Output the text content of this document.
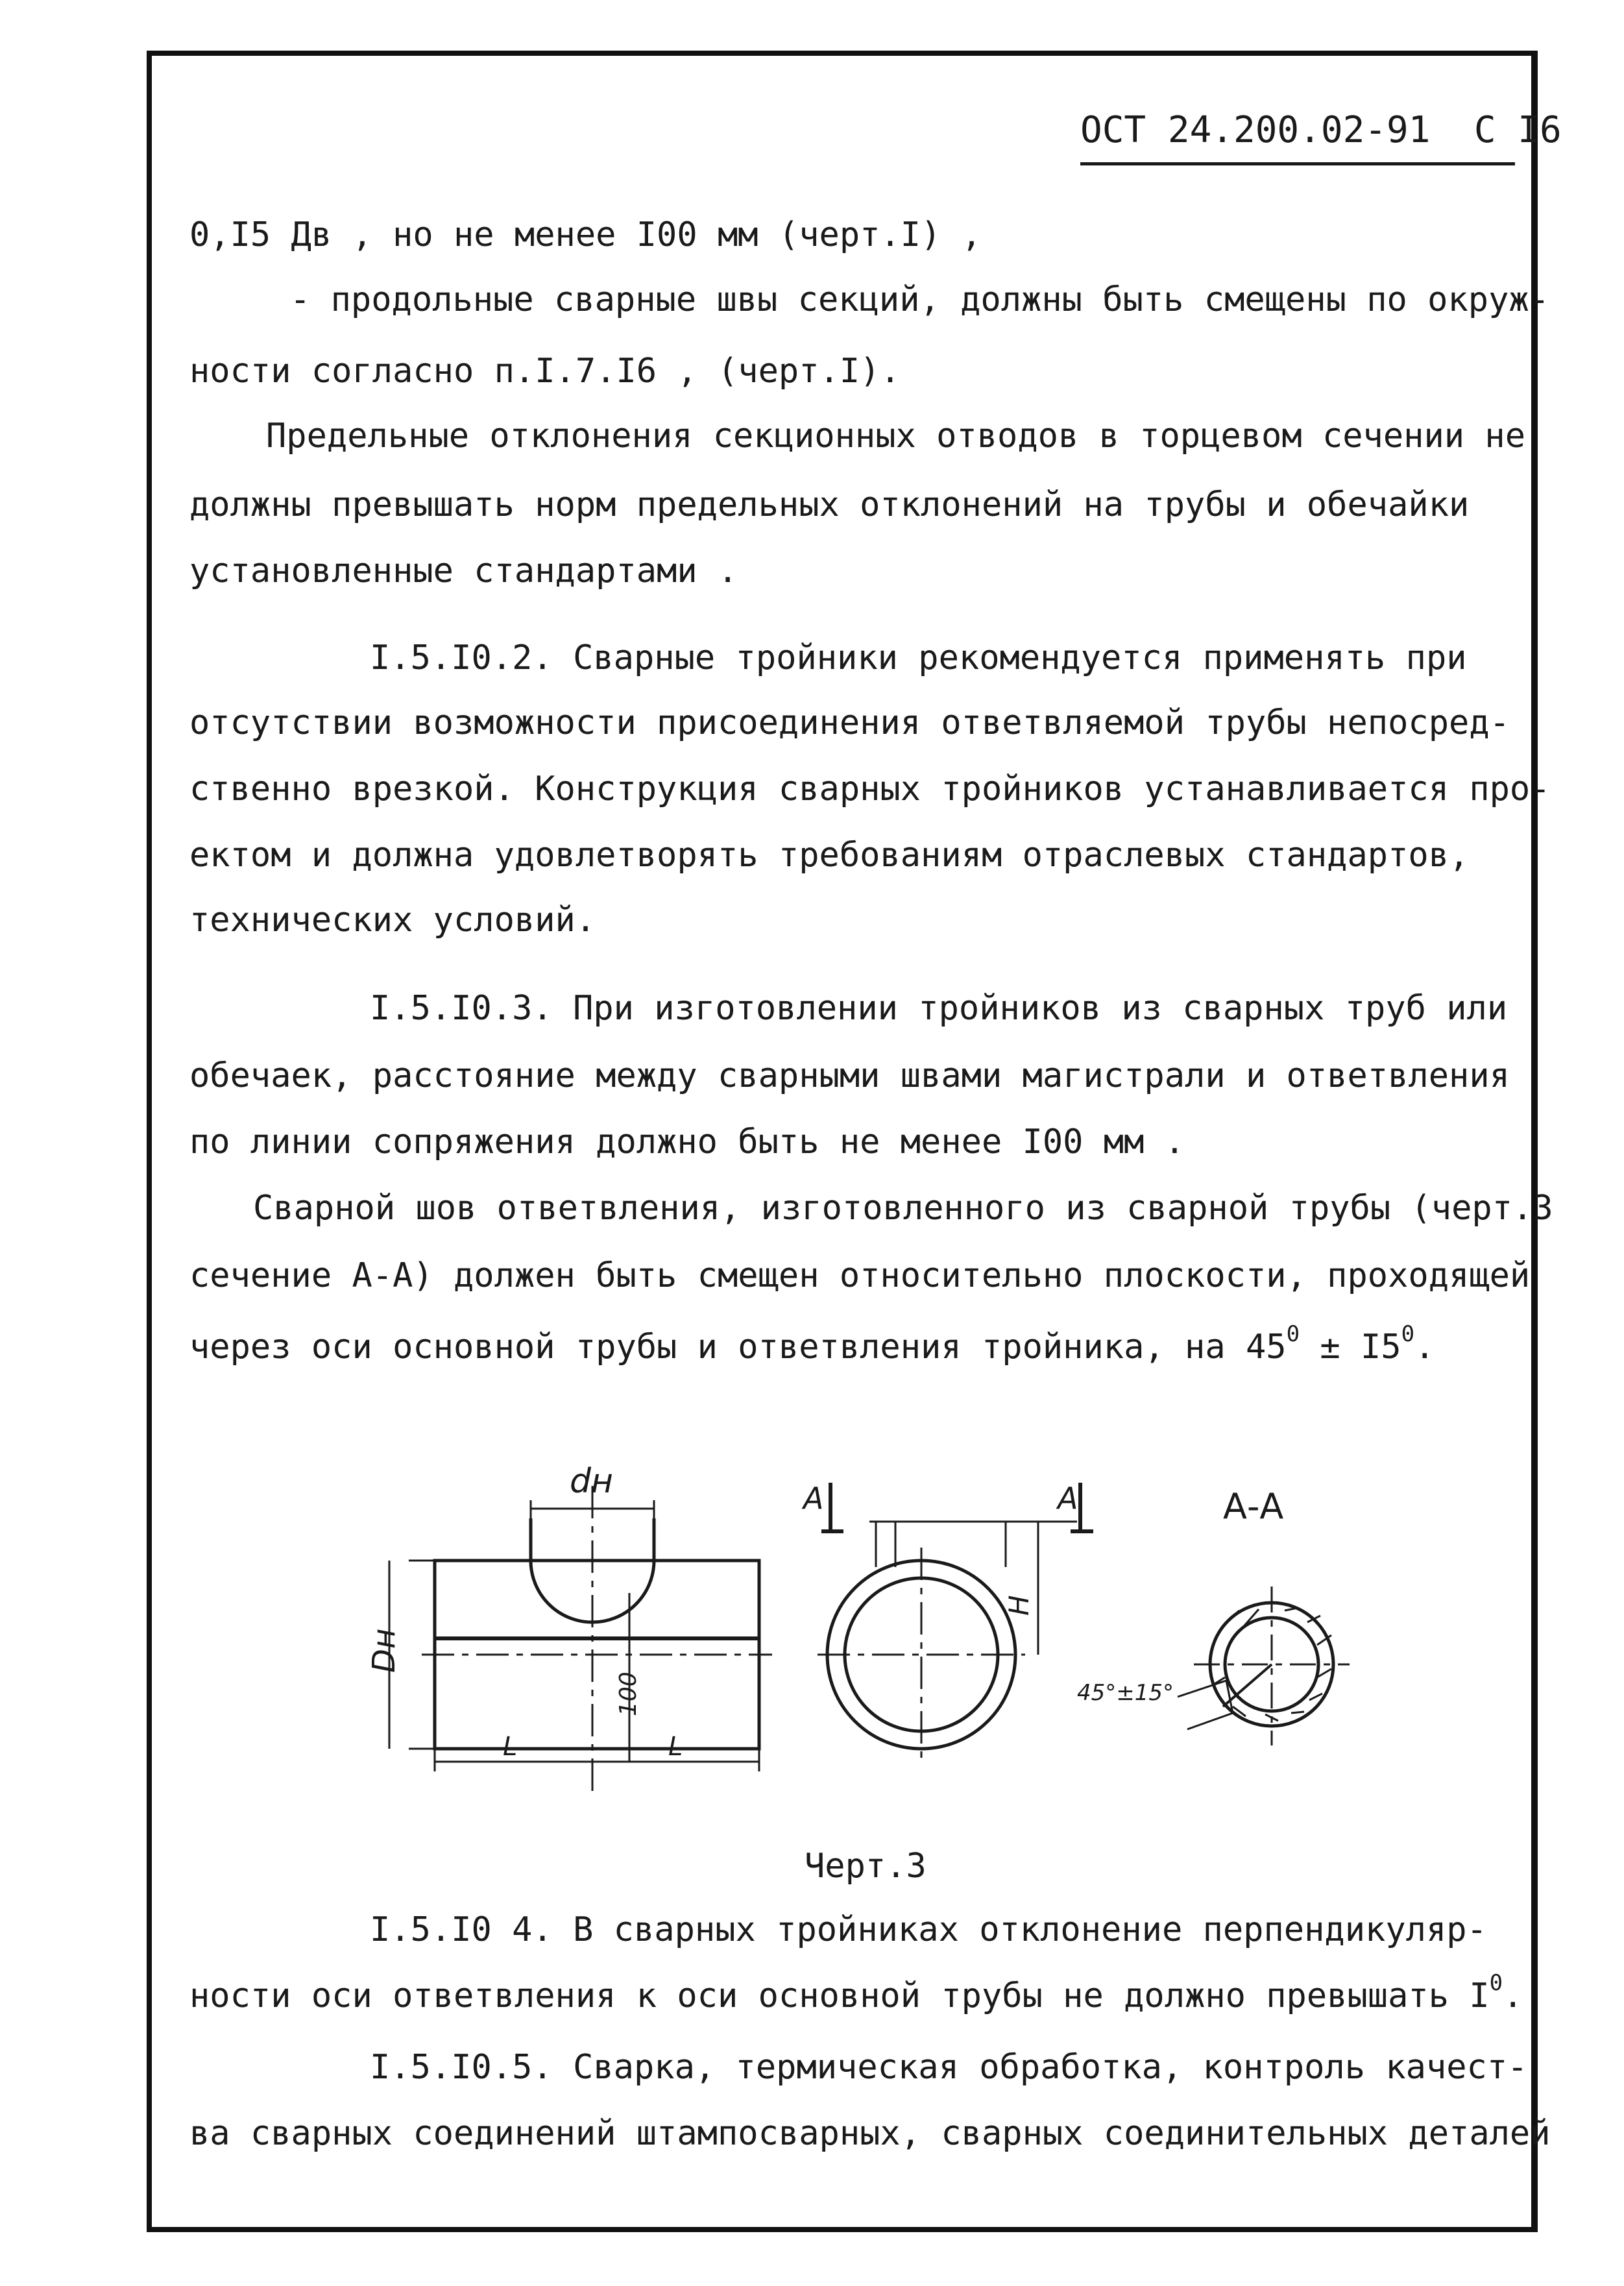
ОСТ 24.200.02-91 С I6
0,I5 Дв , но не менее I00 мм (черт.I) ,
- продольные сварные швы секций, должны быть смещены по окруж-
ности согласно п.I.7.I6 , (черт.I).
Предельные отклонения секционных отводов в торцевом сечении не
должны превышать норм предельных отклонений на трубы и обечайки
установленные стандартами .
I.5.I0.2. Сварные тройники рекомендуется применять при
отсутствии возможности присоединения ответвляемой трубы непосред-
ственно врезкой. Конструкция сварных тройников устанавливается про-
ектом и должна удовлетворять требованиям отраслевых стандартов,
технических условий.
I.5.I0.3. При изготовлении тройников из сварных труб или
обечаек, расстояние между сварными швами магистрали и ответвления
по линии сопряжения должно быть не менее I00 мм .
Сварной шов ответвления, изготовленного из сварной трубы (черт.3
сечение А-А) должен быть смещен относительно плоскости, проходящей
через оси основной трубы и ответвления тройника, на $45^0 \pm I5^0$.
dн
Dн
100
L	L
A	A
H
А-А
45°±15°
Черт.3
I.5.I0 4. В сварных тройниках отклонение перпендикуляр-
ности оси ответвления к оси основной трубы не должно превышать $I^0$.
I.5.I0.5. Сварка, термическая обработка, контроль качест-
ва сварных соединений штампосварных, сварных соединительных деталей
